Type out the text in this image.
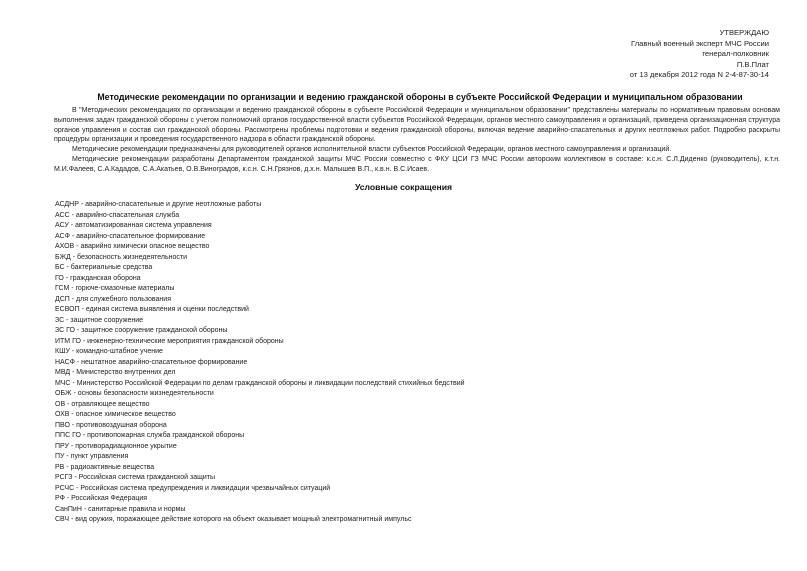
УТВЕРЖДАЮ
Главный военный эксперт МЧС России
генерал-полковник
П.В.Плат
от 13 декабря 2012 года N 2-4-87-30-14
Методические рекомендации по организации и ведению гражданской обороны в субъекте Российской Федерации и муниципальном образовании

В "Методических рекомендациях по организации и ведению гражданской обороны в субъекте Российской Федерации и муниципальном образовании" представлены материалы по нормативным правовым основам выполнения задач гражданской обороны с учетом полномочий органов государственной власти субъектов Российской Федерации, органов местного самоуправления и организаций, приведена организационная структура органов управления и состав сил гражданской обороны. Рассмотрены проблемы подготовки и ведения гражданской обороны, включая ведение аварийно-спасательных и других неотложных работ. Подробно раскрыты процедуры организации и проведения государственного надзора в области гражданской обороны.

Методические рекомендации предназначены для руководителей органов исполнительной власти субъектов Российской Федерации, органов местного самоуправления и организаций.

Методические рекомендации разработаны Департаментом гражданской защиты МЧС России совместно с ФКУ ЦСИ ГЗ МЧС России авторским коллективом в составе: к.с.н. С.Л.Диденко (руководитель), к.т.н. М.И.Фалеев, С.А.Кададов, С.А.Акатьев, О.В.Виноградов, к.с.н. С.Н.Грязнов, д.х.н. Малышев В.П., к.в.н. В.С.Исаев.

Условные сокращения
АСДНР - аварийно-спасательные и другие неотложные работы
АСС - аварийно-спасательная служба
АСУ - автоматизированная система управления
АСФ - аварийно-спасательное формирование
АХОВ - аварийно химически опасное вещество
БЖД - безопасность жизнедеятельности
БС - бактериальные средства
ГО - гражданская оборона
ГСМ - горюче-смазочные материалы
ДСП - для служебного пользования
ЕСВОП - единая система выявления и оценки последствий
ЗС - защитное сооружение
ЗС ГО - защитное сооружение гражданской обороны
ИТМ ГО - инженерно-технические мероприятия гражданской обороны
КШУ - командно-штабное учение
НАСФ - нештатное аварийно-спасательное формирование
МВД - Министерство внутренних дел
МЧС - Министерство Российской Федерации по делам гражданской обороны и ликвидации последствий стихийных бедствий
ОБЖ - основы безопасности жизнедеятельности
ОВ - отравляющее вещество
ОХВ - опасное химическое вещество
ПВО - противовоздушная оборона
ППС ГО - противопожарная служба гражданской обороны
ПРУ - противорадиационное укрытие
ПУ - пункт управления
РВ - радиоактивные вещества
РСГЗ - Российская система гражданской защиты
РСЧС - Российская система предупреждения и ликвидации чрезвычайных ситуаций
РФ - Российская Федерация
СанПиН - санитарные правила и нормы
СВЧ - вид оружия, поражающее действие которого на объект оказывает мощный электромагнитный импульс
